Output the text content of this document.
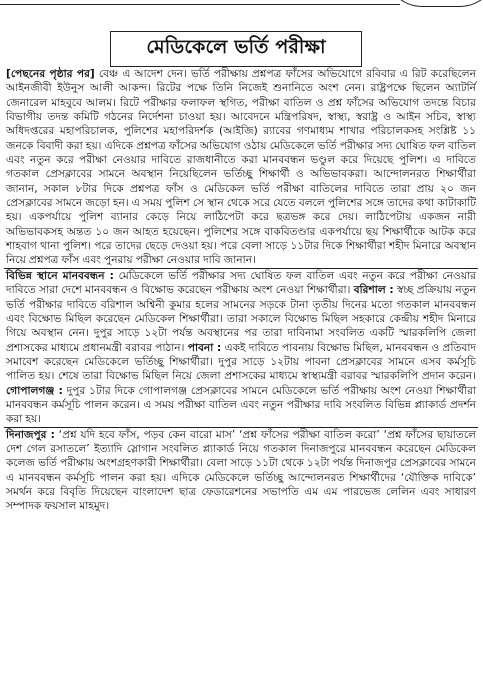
মেডিকেলে ভর্তি পরীক্ষা

[পেছনের পৃষ্ঠার পর] বেঞ্চ এ আদেশ দেন। ভর্তি পরীক্ষায় প্রশ্নপত্র ফাঁসের অভিযোগে রবিবার এ রিট করেছিলেন আইনজীবী ইউনুস আলী আকন্দ। রিটের পক্ষে তিনি নিজেই শুনানিতে অংশ নেন। রাষ্ট্রপক্ষে ছিলেন অ্যাটর্নি জেনারেল মাহবুবে আলম। রিটে পরীক্ষার ফলাফল স্থগিত, পরীক্ষা বাতিল ও প্রশ্ন ফাঁসের অভিযোগ তদন্তে বিচার বিভাগীয় তদন্ত কমিটি গঠনের নির্দেশনা চাওয়া হয়। আবেদনে মন্ত্রিপরিষদ, স্বাস্থ্য, স্বরাষ্ট্র ও আইন সচিব, স্বাস্থ্য অধিদপ্তরের মহাপরিচালক, পুলিশের মহাপরিদর্শক (আইজি) র‍্যাবের গণমাধ্যম শাখার পরিচালকসহ সংশ্লিষ্ট ১১ জনকে বিবাদী করা হয়। এদিকে প্রশ্নপত্র ফাঁসের অভিযোগ ওঠায় মেডিকেলে ভর্তি পরীক্ষার সদ্য ঘোষিত ফল বাতিল এবং নতুন করে পরীক্ষা নেওয়ার দাবিতে রাজধানীতে করা মানববন্ধন ভণ্ডুল করে দিয়েছে পুলিশ। এ দাবিতে গতকাল প্রেসক্লাবের সামনে অবস্থান নিয়েছিলেন ভর্তিচ্ছু শিক্ষার্থী ও অভিভাবকরা। আন্দোলনরত শিক্ষার্থীরা জানান, সকাল ৮টার দিকে প্রশ্নপত্র ফাঁস ও মেডিকেল ভর্তি পরীক্ষা বাতিলের দাবিতে তারা প্রায় ২০ জন প্রেসক্লাবের সামনে জড়ো হন। এ সময় পুলিশ সে স্থান থেকে সরে যেতে বললে পুলিশের সঙ্গে তাদের কথা কাটাকাটি হয়। একপর্যায়ে পুলিশ ব্যানার কেড়ে নিয়ে লাঠিপেটা করে ছত্রভঙ্গ করে দেয়। লাঠিপেটায় একজন নারী অভিভাবকসহ অন্তত ১০ জন আহত হয়েছেন। পুলিশের সঙ্গে বাকবিতণ্ডার একপর্যায়ে ছয় শিক্ষার্থীকে আটক করে শাহবাগ থানা পুলিশ। পরে তাদের ছেড়ে দেওয়া হয়। পরে বেলা সাড়ে ১১টার দিকে শিক্ষার্থীরা শহীদ মিনারে অবস্থান নিয়ে প্রশ্নপত্র ফাঁস এবং পুনরায় পরীক্ষা নেওয়ার দাবি জানান।

বিভিন্ন স্থানে মানববন্ধন : মেডিকেলে ভর্তি পরীক্ষার সদ্য ঘোষিত ফল বাতিল এবং নতুন করে পরীক্ষা নেওয়ার দাবিতে সারা দেশে মানববন্ধন ও বিক্ষোভ করেছেন পরীক্ষায় অংশ নেওয়া শিক্ষার্থীরা। বরিশাল : স্বচ্ছ প্রক্রিয়ায় নতুন ভর্তি পরীক্ষার দাবিতে বরিশাল অশ্বিনী কুমার হলের সামনের সড়কে টানা তৃতীয় দিনের মতো গতকাল মানববন্ধন এবং বিক্ষোভ মিছিল করেছেন মেডিকেল শিক্ষার্থীরা। তারা সকালে বিক্ষোভ মিছিল সহকারে কেন্দ্রীয় শহীদ মিনারে গিয়ে অবস্থান নেন। দুপুর সাড়ে ১২টা পর্যন্ত অবস্থানের পর তারা দাবিনামা সংবলিত একটি স্মারকলিপি জেলা প্রশাসকের মাধ্যমে প্রধানমন্ত্রী বরাবর পাঠান। পাবনা : একই দাবিতে পাবনায় বিক্ষোভ মিছিল, মানববন্ধন ও প্রতিবাদ সমাবেশ করেছেন মেডিকেলে ভর্তিচ্ছু শিক্ষার্থীরা। দুপুর সাড়ে ১২টায় পাবনা প্রেসক্লাবের সামনে এসব কর্মসূচি পালিত হয়। শেষে তারা বিক্ষোভ মিছিল নিয়ে জেলা প্রশাসকের মাধ্যমে স্বাস্থ্যমন্ত্রী বরাবর স্মারকলিপি প্রদান করেন। গোপালগঞ্জ : দুপুর ১টার দিকে গোপালগঞ্জ প্রেসক্লাবের সামনে মেডিকেলে ভর্তি পরীক্ষায় অংশ নেওয়া শিক্ষার্থীরা মানববন্ধন কর্মসূচি পালন করেন। এ সময় পরীক্ষা বাতিল এবং নতুন পরীক্ষার দাবি সংবলিত বিভিন্ন প্ল্যাকার্ড প্রদর্শন করা হয়।

দিনাজপুর : ‘প্রশ্ন যদি হবে ফাঁস, পড়ব কেন বারো মাস’ ‘প্রশ্ন ফাঁসের পরীক্ষা বাতিল করো’ ‘প্রশ্ন ফাঁসের ছায়াতলে দেশ গেল রসাতলে’ ইত্যাদি স্লোগান সংবলিত প্ল্যাকার্ড নিয়ে গতকাল দিনাজপুরে মানববন্ধন করেছেন মেডিকেল কলেজ ভর্তি পরীক্ষায় অংশগ্রহণকারী শিক্ষার্থীরা। বেলা সাড়ে ১১টা থেকে ১২টা পর্যন্ত দিনাজপুর প্রেসক্লাবের সামনে এ মানববন্ধন কর্মসূচি পালন করা হয়। এদিকে মেডিকেলে ভর্তিচ্ছু আন্দোলনরত শিক্ষার্থীদের ‘যৌক্তিক দাবিকে’ সমর্থন করে বিবৃতি দিয়েছেন বাংলাদেশ ছাত্র ফেডারেশনের সভাপতি এম এম পারভেজ লেলিন এবং সাধারণ সম্পাদক ফয়সাল মাহমুদ।
